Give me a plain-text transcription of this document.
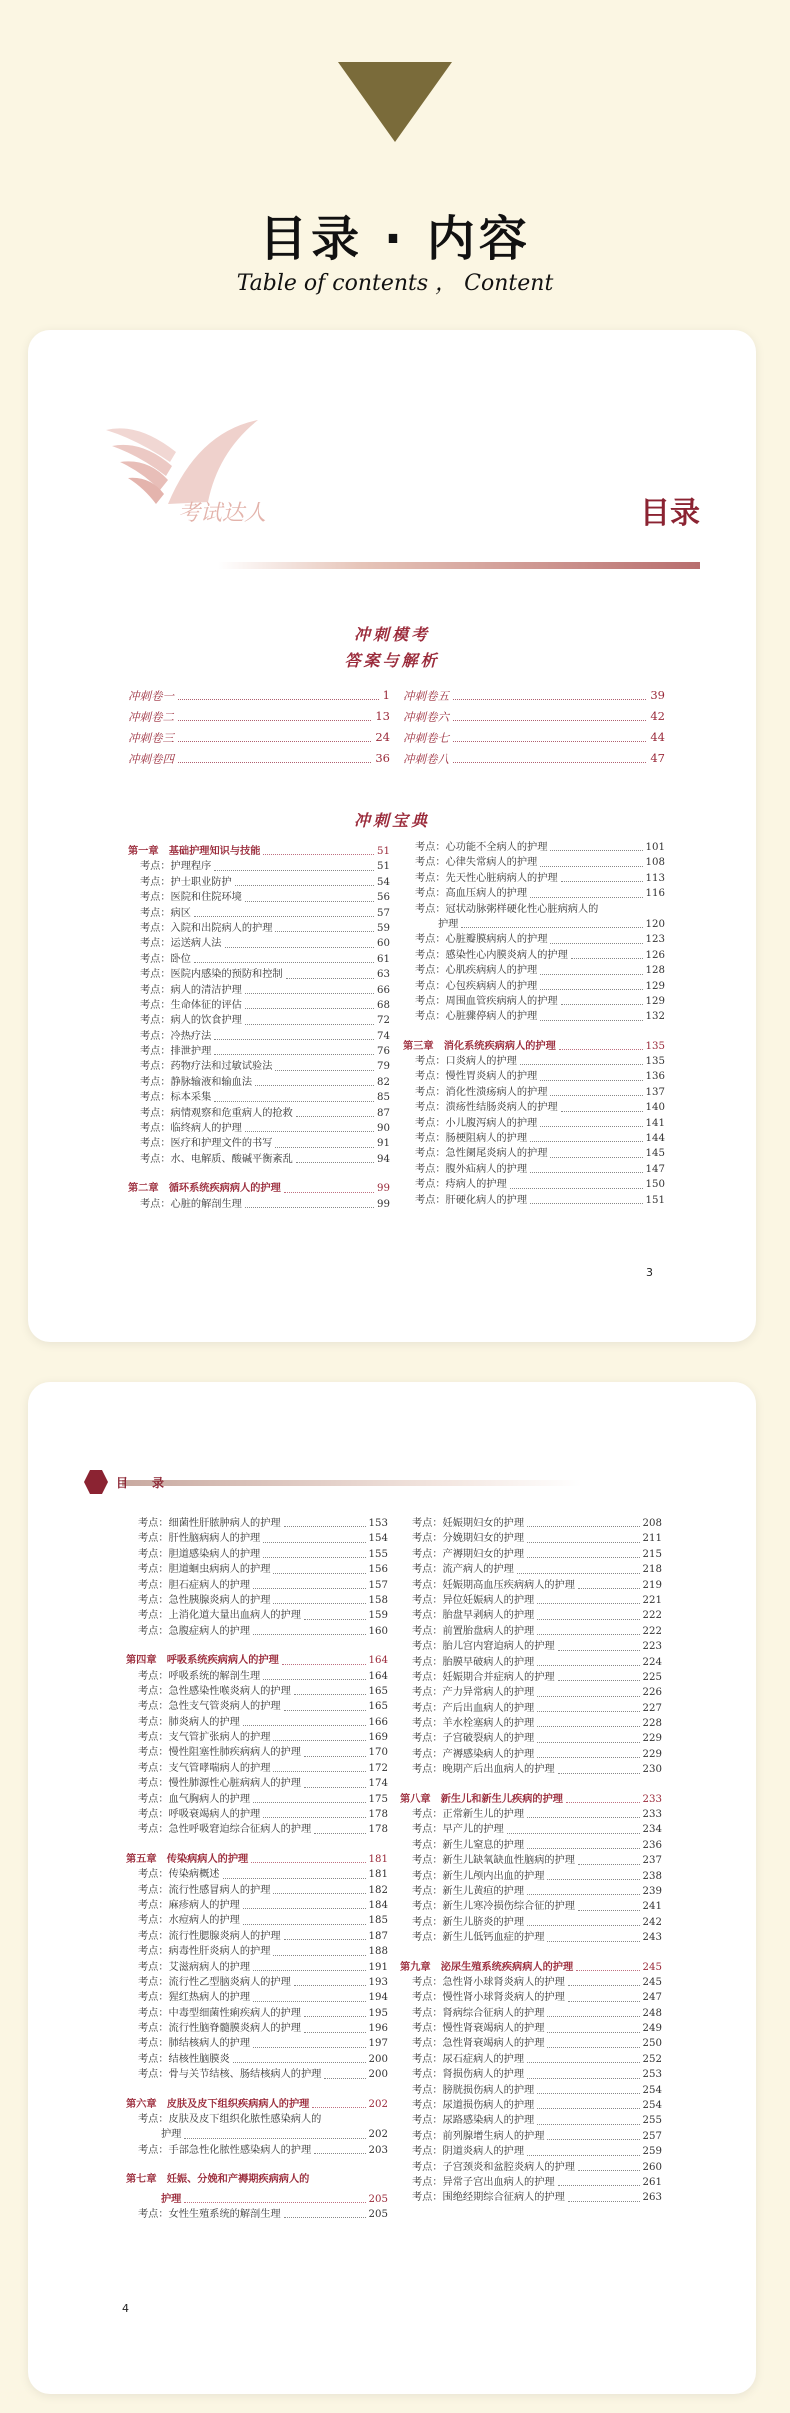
目录 · 内容
Table of contents ， Content
考试达人	目录
冲刺模考
答案与解析
冲刺卷一	1
冲刺卷二	13
冲刺卷三	24
冲刺卷四	36
冲刺卷五	39
冲刺卷六	42
冲刺卷七	44
冲刺卷八	47
冲刺宝典
第一章　基础护理知识与技能	51
考点：护理程序	51
考点：护士职业防护	54
考点：医院和住院环境	56
考点：病区	57
考点：入院和出院病人的护理	59
考点：运送病人法	60
考点：卧位	61
考点：医院内感染的预防和控制	63
考点：病人的清洁护理	66
考点：生命体征的评估	68
考点：病人的饮食护理	72
考点：冷热疗法	74
考点：排泄护理	76
考点：药物疗法和过敏试验法	79
考点：静脉输液和输血法	82
考点：标本采集	85
考点：病情观察和危重病人的抢救	87
考点：临终病人的护理	90
考点：医疗和护理文件的书写	91
考点：水、电解质、酸碱平衡紊乱	94
第二章　循环系统疾病病人的护理	99
考点：心脏的解剖生理	99
考点：心功能不全病人的护理	101
考点：心律失常病人的护理	108
考点：先天性心脏病病人的护理	113
考点：高血压病人的护理	116
考点：冠状动脉粥样硬化性心脏病病人的
护理	120
考点：心脏瓣膜病病人的护理	123
考点：感染性心内膜炎病人的护理	126
考点：心肌疾病病人的护理	128
考点：心包疾病病人的护理	129
考点：周围血管疾病病人的护理	129
考点：心脏骤停病人的护理	132
第三章　消化系统疾病病人的护理	135
考点：口炎病人的护理	135
考点：慢性胃炎病人的护理	136
考点：消化性溃疡病人的护理	137
考点：溃疡性结肠炎病人的护理	140
考点：小儿腹泻病人的护理	141
考点：肠梗阻病人的护理	144
考点：急性阑尾炎病人的护理	145
考点：腹外疝病人的护理	147
考点：痔病人的护理	150
考点：肝硬化病人的护理	151
3
目　录
考点：细菌性肝脓肿病人的护理	153
考点：肝性脑病病人的护理	154
考点：胆道感染病人的护理	155
考点：胆道蛔虫病病人的护理	156
考点：胆石症病人的护理	157
考点：急性胰腺炎病人的护理	158
考点：上消化道大量出血病人的护理	159
考点：急腹症病人的护理	160
第四章　呼吸系统疾病病人的护理	164
考点：呼吸系统的解剖生理	164
考点：急性感染性喉炎病人的护理	165
考点：急性支气管炎病人的护理	165
考点：肺炎病人的护理	166
考点：支气管扩张病人的护理	169
考点：慢性阻塞性肺疾病病人的护理	170
考点：支气管哮喘病人的护理	172
考点：慢性肺源性心脏病病人的护理	174
考点：血气胸病人的护理	175
考点：呼吸衰竭病人的护理	178
考点：急性呼吸窘迫综合征病人的护理	178
第五章　传染病病人的护理	181
考点：传染病概述	181
考点：流行性感冒病人的护理	182
考点：麻疹病人的护理	184
考点：水痘病人的护理	185
考点：流行性腮腺炎病人的护理	187
考点：病毒性肝炎病人的护理	188
考点：艾滋病病人的护理	191
考点：流行性乙型脑炎病人的护理	193
考点：猩红热病人的护理	194
考点：中毒型细菌性痢疾病人的护理	195
考点：流行性脑脊髓膜炎病人的护理	196
考点：肺结核病人的护理	197
考点：结核性脑膜炎	200
考点：骨与关节结核、肠结核病人的护理	200
第六章　皮肤及皮下组织疾病病人的护理	202
考点：皮肤及皮下组织化脓性感染病人的
护理	202
考点：手部急性化脓性感染病人的护理	203
第七章　妊娠、分娩和产褥期疾病病人的
护理	205
考点：女性生殖系统的解剖生理	205
考点：妊娠期妇女的护理	208
考点：分娩期妇女的护理	211
考点：产褥期妇女的护理	215
考点：流产病人的护理	218
考点：妊娠期高血压疾病病人的护理	219
考点：异位妊娠病人的护理	221
考点：胎盘早剥病人的护理	222
考点：前置胎盘病人的护理	222
考点：胎儿宫内窘迫病人的护理	223
考点：胎膜早破病人的护理	224
考点：妊娠期合并症病人的护理	225
考点：产力异常病人的护理	226
考点：产后出血病人的护理	227
考点：羊水栓塞病人的护理	228
考点：子宫破裂病人的护理	229
考点：产褥感染病人的护理	229
考点：晚期产后出血病人的护理	230
第八章　新生儿和新生儿疾病的护理	233
考点：正常新生儿的护理	233
考点：早产儿的护理	234
考点：新生儿窒息的护理	236
考点：新生儿缺氧缺血性脑病的护理	237
考点：新生儿颅内出血的护理	238
考点：新生儿黄疸的护理	239
考点：新生儿寒冷损伤综合征的护理	241
考点：新生儿脐炎的护理	242
考点：新生儿低钙血症的护理	243
第九章　泌尿生殖系统疾病病人的护理	245
考点：急性肾小球肾炎病人的护理	245
考点：慢性肾小球肾炎病人的护理	247
考点：肾病综合征病人的护理	248
考点：慢性肾衰竭病人的护理	249
考点：急性肾衰竭病人的护理	250
考点：尿石症病人的护理	252
考点：肾损伤病人的护理	253
考点：膀胱损伤病人的护理	254
考点：尿道损伤病人的护理	254
考点：尿路感染病人的护理	255
考点：前列腺增生病人的护理	257
考点：阴道炎病人的护理	259
考点：子宫颈炎和盆腔炎病人的护理	260
考点：异常子宫出血病人的护理	261
考点：围绝经期综合征病人的护理	263
4
